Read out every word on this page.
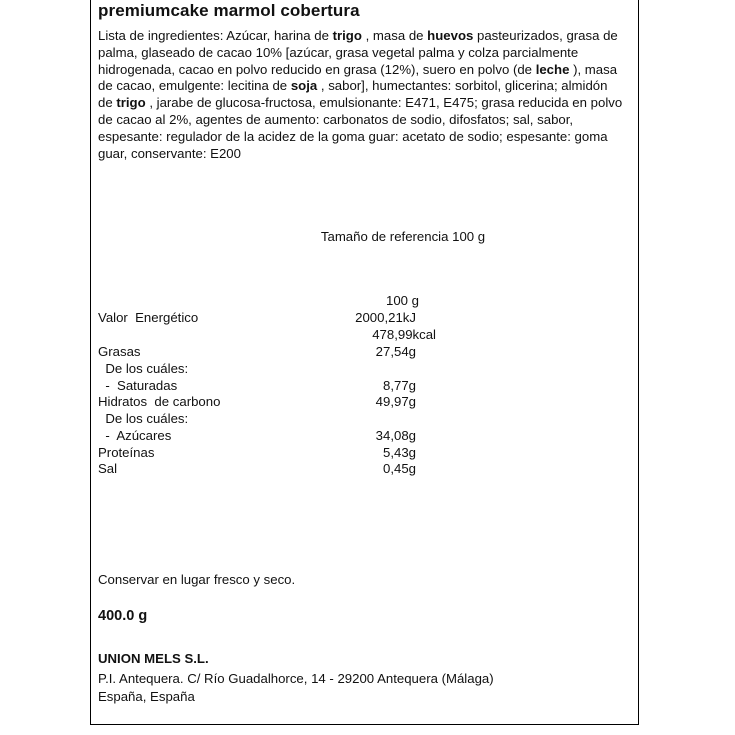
premiumcake marmol cobertura
Lista de ingredientes: Azúcar, harina de trigo , masa de huevos pasteurizados, grasa de palma, glaseado de cacao 10% [azúcar, grasa vegetal palma y colza parcialmente hidrogenada, cacao en polvo reducido en grasa (12%), suero en polvo (de leche ), masa de cacao, emulgente: lecitina de soja , sabor], humectantes: sorbitol, glicerina; almidón de trigo , jarabe de glucosa-fructosa, emulsionante: E471, E475; grasa reducida en polvo de cacao al 2%, agentes de aumento: carbonatos de sodio, difosfatos; sal, sabor, espesante: regulador de la acidez de la goma guar: acetato de sodio; espesante: goma guar, conservante: E200
Tamaño de referencia 100 g
100 g
Valor  Energético	2000,21kJ
478,99kcal
Grasas	27,54g
De los cuáles:
-  Saturadas	8,77g
Hidratos  de carbono	49,97g
De los cuáles:
-  Azúcares	34,08g
Proteínas	5,43g
Sal	0,45g
Conservar en lugar fresco y seco.
400.0 g
UNION MELS S.L.
P.I. Antequera. C/ Río Guadalhorce, 14 - 29200 Antequera (Málaga)
España, España
